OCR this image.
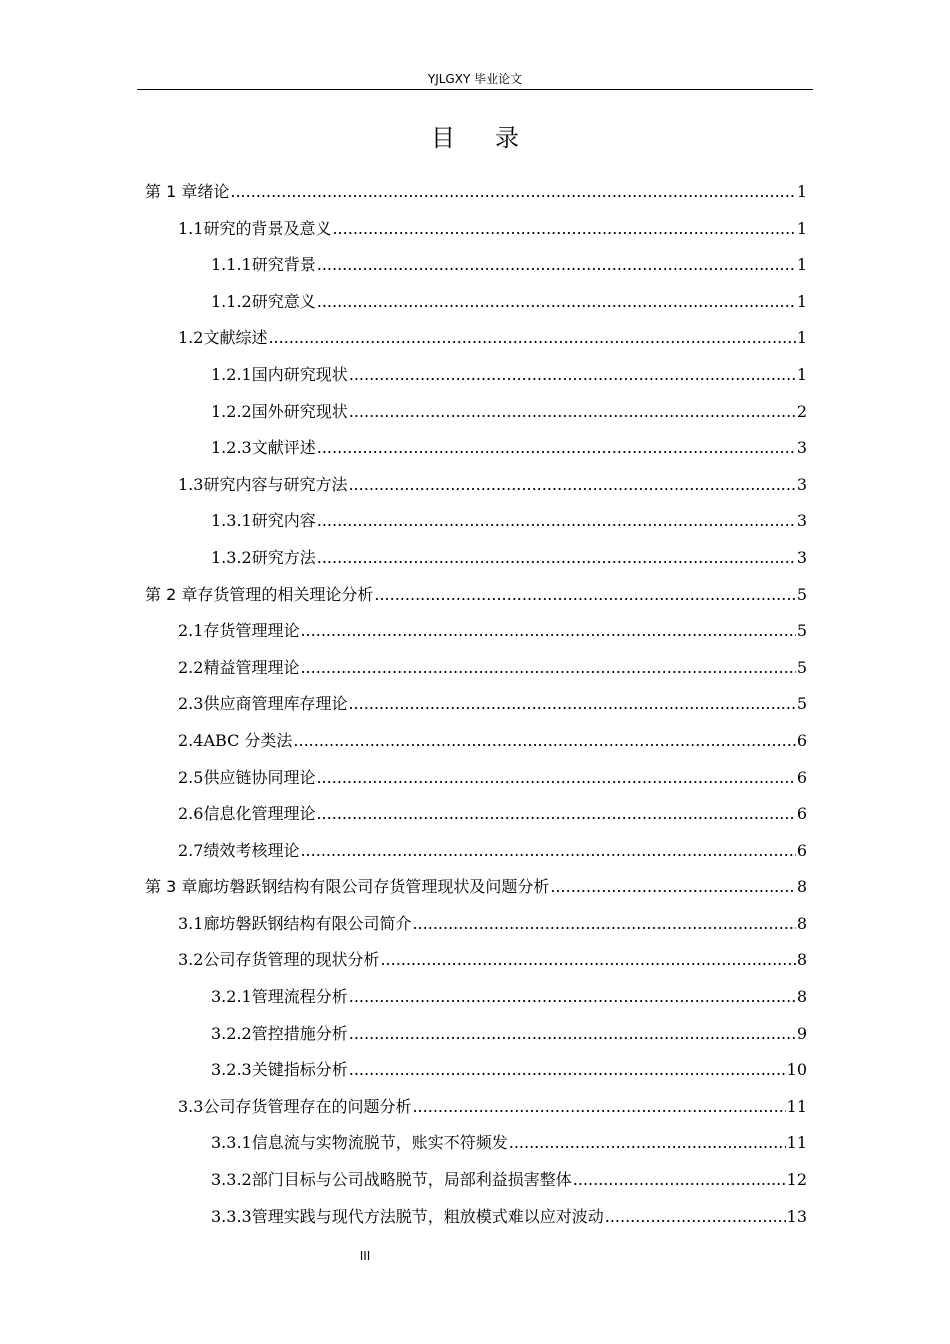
YJLGXY 毕业论文
目录
第 1 章 绪论 .....	1
1.1 研究的背景及意义 .....	1
1.1.1 研究背景 .....	1
1.1.2 研究意义 .....	1
1.2 文献综述 .....	1
1.2.1 国内研究现状 .....	1
1.2.2 国外研究现状 .....	2
1.2.3 文献评述 .....	3
1.3 研究内容与研究方法 .....	3
1.3.1 研究内容 .....	3
1.3.2 研究方法 .....	3
第 2 章 存货管理的相关理论分析 .....	5
2.1 存货管理理论 .....	5
2.2 精益管理理论 .....	5
2.3 供应商管理库存理论 .....	5
2.4 ABC 分类法 .....	6
2.5 供应链协同理论 .....	6
2.6 信息化管理理论 .....	6
2.7 绩效考核理论 .....	6
第 3 章 廊坊磐跃钢结构有限公司存货管理现状及问题分析 .....	8
3.1 廊坊磐跃钢结构有限公司简介 .....	8
3.2 公司存货管理的现状分析 .....	8
3.2.1 管理流程分析 .....	8
3.2.2 管控措施分析 .....	9
3.2.3 关键指标分析 .....	10
3.3 公司存货管理存在的问题分析 .....	11
3.3.1 信息流与实物流脱节，账实不符频发 .....	11
3.3.2 部门目标与公司战略脱节，局部利益损害整体 .....	12
3.3.3 管理实践与现代方法脱节，粗放模式难以应对波动 .....	13
III
